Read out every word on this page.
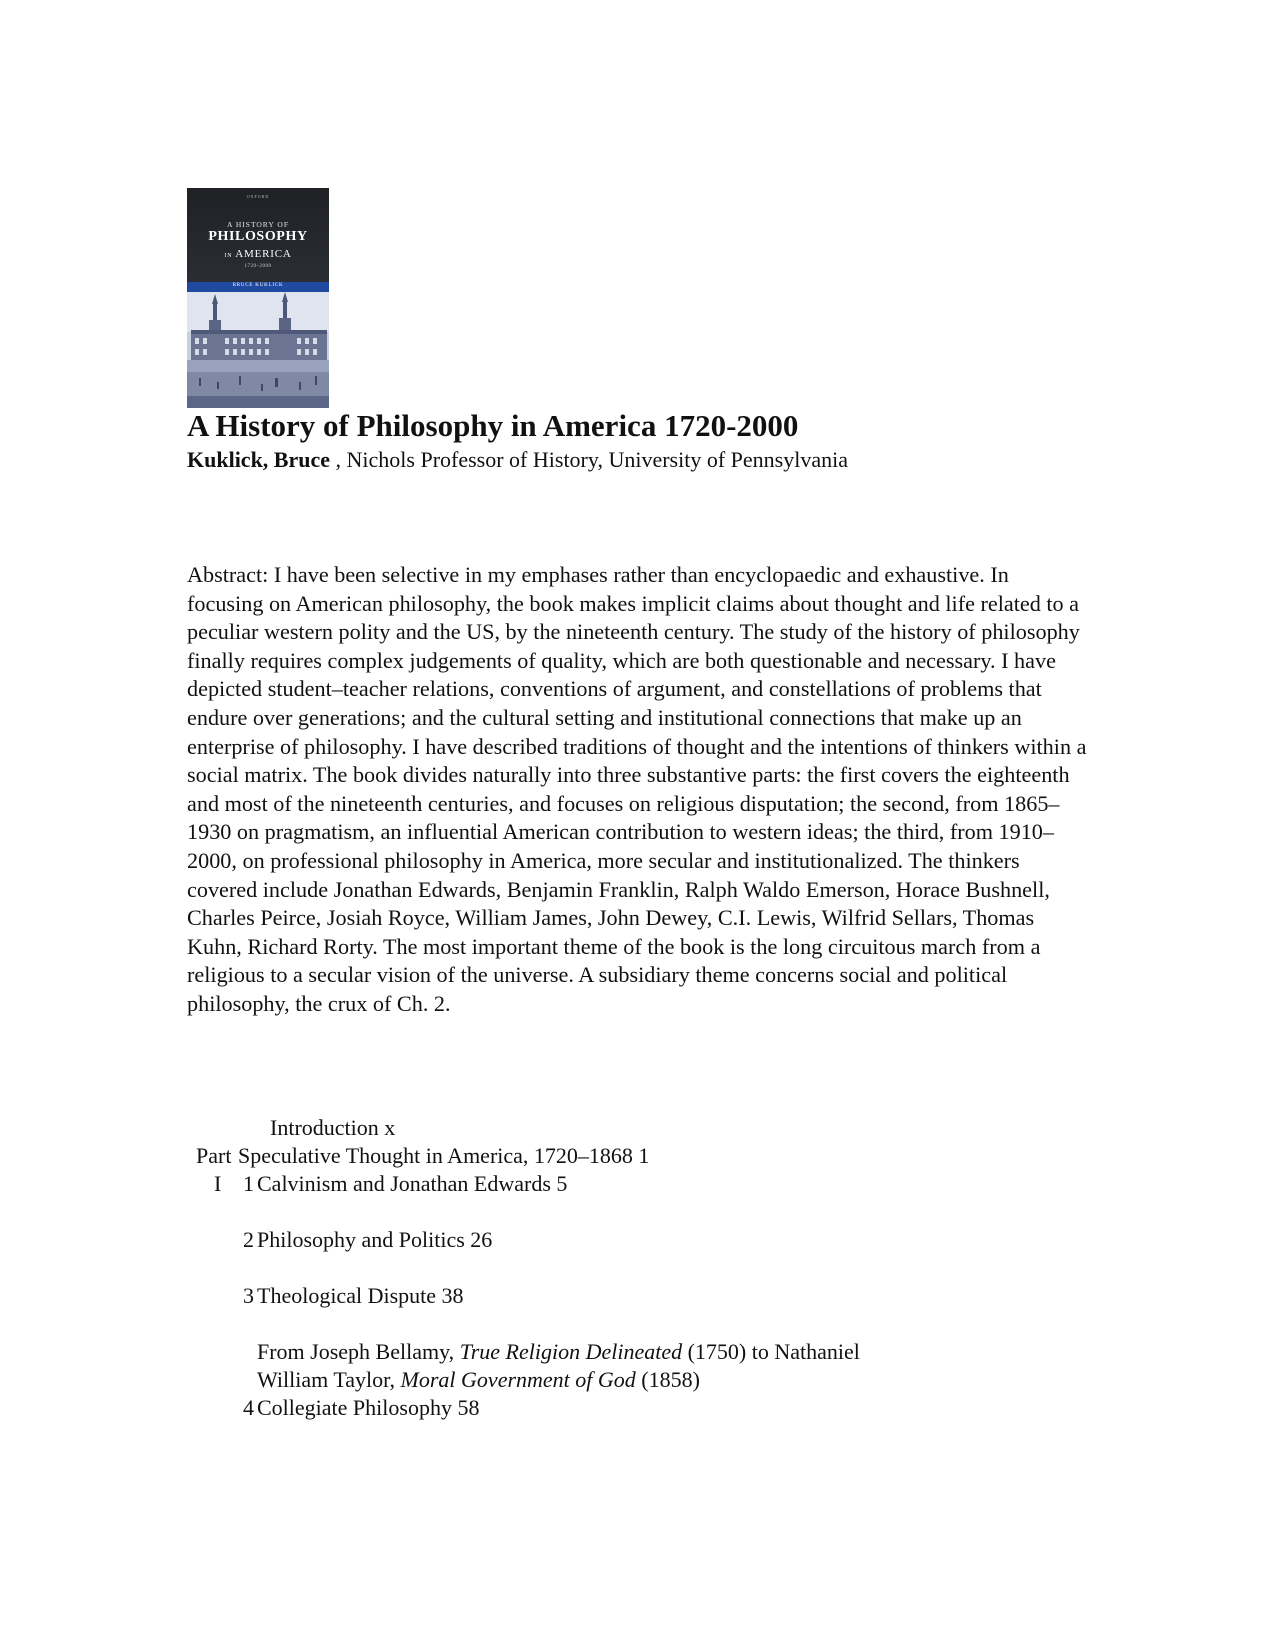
OXFORD
A HISTORY OF
PHILOSOPHY
IN AMERICA
1720–2000
BRUCE KUKLICK
A History of Philosophy in America 1720-2000
Kuklick, Bruce , Nichols Professor of History, University of Pennsylvania

Abstract: I have been selective in my emphases rather than encyclopaedic and exhaustive. In focusing on American philosophy, the book makes implicit claims about thought and life related to a peculiar western polity and the US, by the nineteenth century. The study of the history of philosophy finally requires complex judgements of quality, which are both questionable and necessary. I have depicted student–teacher relations, conventions of argument, and constellations of problems that endure over generations; and the cultural setting and institutional connections that make up an enterprise of philosophy. I have described traditions of thought and the intentions of thinkers within a social matrix. The book divides naturally into three substantive parts: the first covers the eighteenth and most of the nineteenth centuries, and focuses on religious disputation; the second, from 1865–1930 on pragmatism, an influential American contribution to western ideas; the third, from 1910–2000, on professional philosophy in America, more secular and institutionalized. The thinkers covered include Jonathan Edwards, Benjamin Franklin, Ralph Waldo Emerson, Horace Bushnell, Charles Peirce, Josiah Royce, William James, John Dewey, C.I. Lewis, Wilfrid Sellars, Thomas Kuhn, Richard Rorty. The most important theme of the book is the long circuitous march from a religious to a secular vision of the universe. A subsidiary theme concerns social and political philosophy, the crux of Ch. 2.

Introduction x
Part Speculative Thought in America, 1720–1868 1
I 1 Calvinism and Jonathan Edwards 5
2 Philosophy and Politics 26
3 Theological Dispute 38
From Joseph Bellamy, True Religion Delineated (1750) to Nathaniel
William Taylor, Moral Government of God (1858)
4 Collegiate Philosophy 58
